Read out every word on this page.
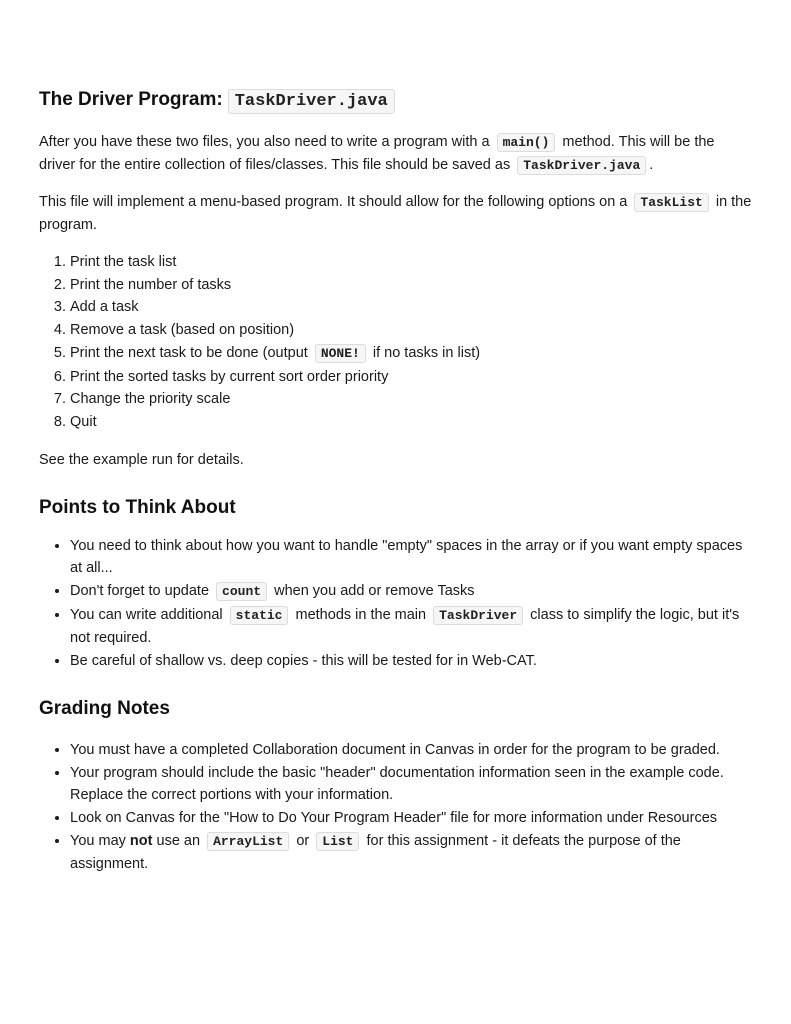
The Driver Program: TaskDriver.java

After you have these two files, you also need to write a program with a main() method. This will be the driver for the entire collection of files/classes. This file should be saved as TaskDriver.java .

This file will implement a menu-based program. It should allow for the following options on a TaskList in the program.

1. Print the task list
2. Print the number of tasks
3. Add a task
4. Remove a task (based on position)
5. Print the next task to be done (output NONE! if no tasks in list)
6. Print the sorted tasks by current sort order priority
7. Change the priority scale
8. Quit

See the example run for details.

Points to Think About
• You need to think about how you want to handle "empty" spaces in the array or if you want empty spaces at all...
• Don't forget to update count when you add or remove Tasks
• You can write additional static methods in the main TaskDriver class to simplify the logic, but it's not required.
• Be careful of shallow vs. deep copies - this will be tested for in Web-CAT.
Grading Notes
• You must have a completed Collaboration document in Canvas in order for the program to be graded.
• Your program should include the basic "header" documentation information seen in the example code. Replace the correct portions with your information.
• Look on Canvas for the "How to Do Your Program Header" file for more information under Resources
• You may not use an ArrayList or List for this assignment - it defeats the purpose of the assignment.
